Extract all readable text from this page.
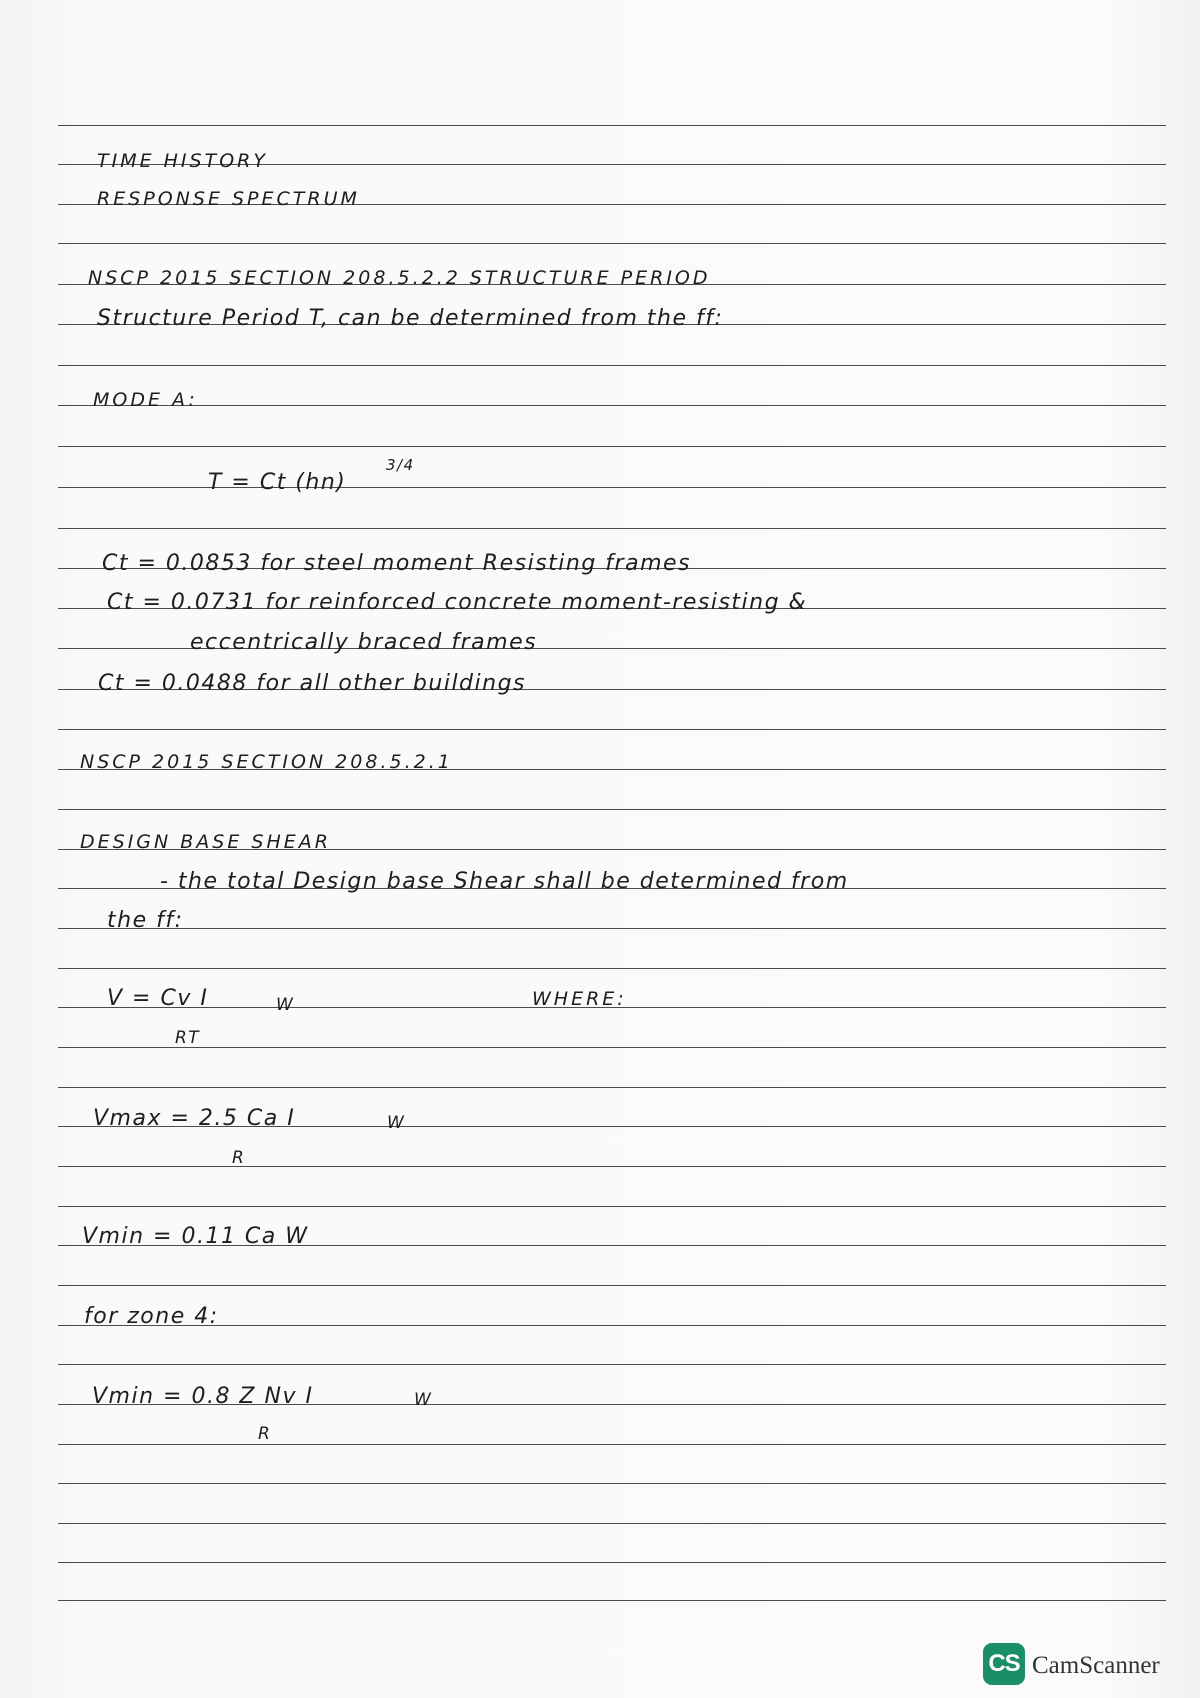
TIME HISTORY
RESPONSE SPECTRUM
NSCP 2015 SECTION 208.5.2.2 STRUCTURE PERIOD
Structure Period T, can be determined from the ff:
MODE A:
T = Ct (hn)
3/4
Ct = 0.0853 for steel moment Resisting frames
Ct = 0.0731 for reinforced concrete moment-resisting &
eccentrically braced frames
Ct = 0.0488 for all other buildings
NSCP 2015 SECTION 208.5.2.1
DESIGN BASE SHEAR
- the total Design base Shear shall be determined from
the ff:
V = Cv I	W
RT
WHERE:
Vmax = 2.5 Ca I	W
R
Vmin = 0.11 Ca W
for zone 4:
Vmin = 0.8 Z Nv I	W
R
CS CamScanner
